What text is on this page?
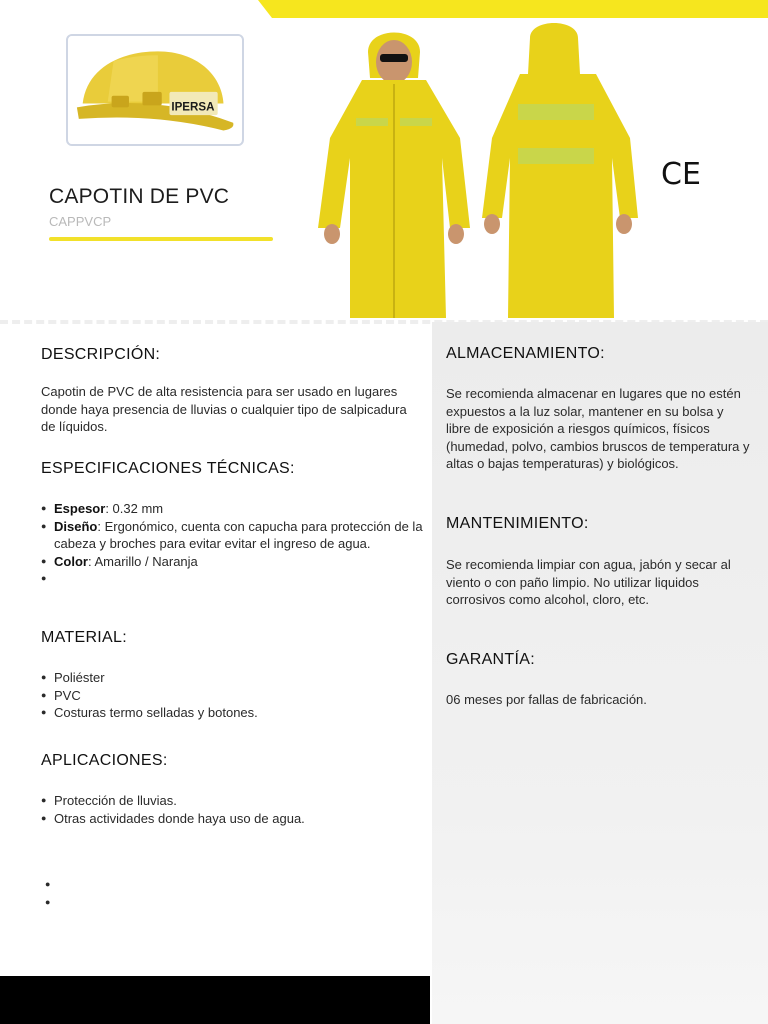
IPERSA
CAPOTIN DE PVC
CAPPVCP
CE
DESCRIPCIÓN:
Capotin de PVC de alta resistencia para ser usado en lugares donde haya presencia de lluvias o cualquier tipo de salpicadura de líquidos.
ESPECIFICACIONES TÉCNICAS:
● Espesor: 0.32 mm
● Diseño: Ergonómico, cuenta con capucha para protección de la cabeza y broches para evitar evitar el ingreso de agua.
● Color: Amarillo / Naranja
●
MATERIAL:
● Poliéster
● PVC
● Costuras termo selladas y botones.
APLICACIONES:
● Protección de lluvias.
● Otras actividades donde haya uso de agua.
●
●
ALMACENAMIENTO:
Se recomienda almacenar en lugares que no estén expuestos a la luz solar, mantener en su bolsa y libre de exposición a riesgos químicos, físicos (humedad, polvo, cambios bruscos de temperatura y altas o bajas temperaturas) y biológicos.
MANTENIMIENTO:
Se recomienda limpiar con agua, jabón y secar al viento o con paño limpio. No utilizar liquidos corrosivos como alcohol, cloro, etc.
GARANTÍA:
06 meses por fallas de fabricación.
